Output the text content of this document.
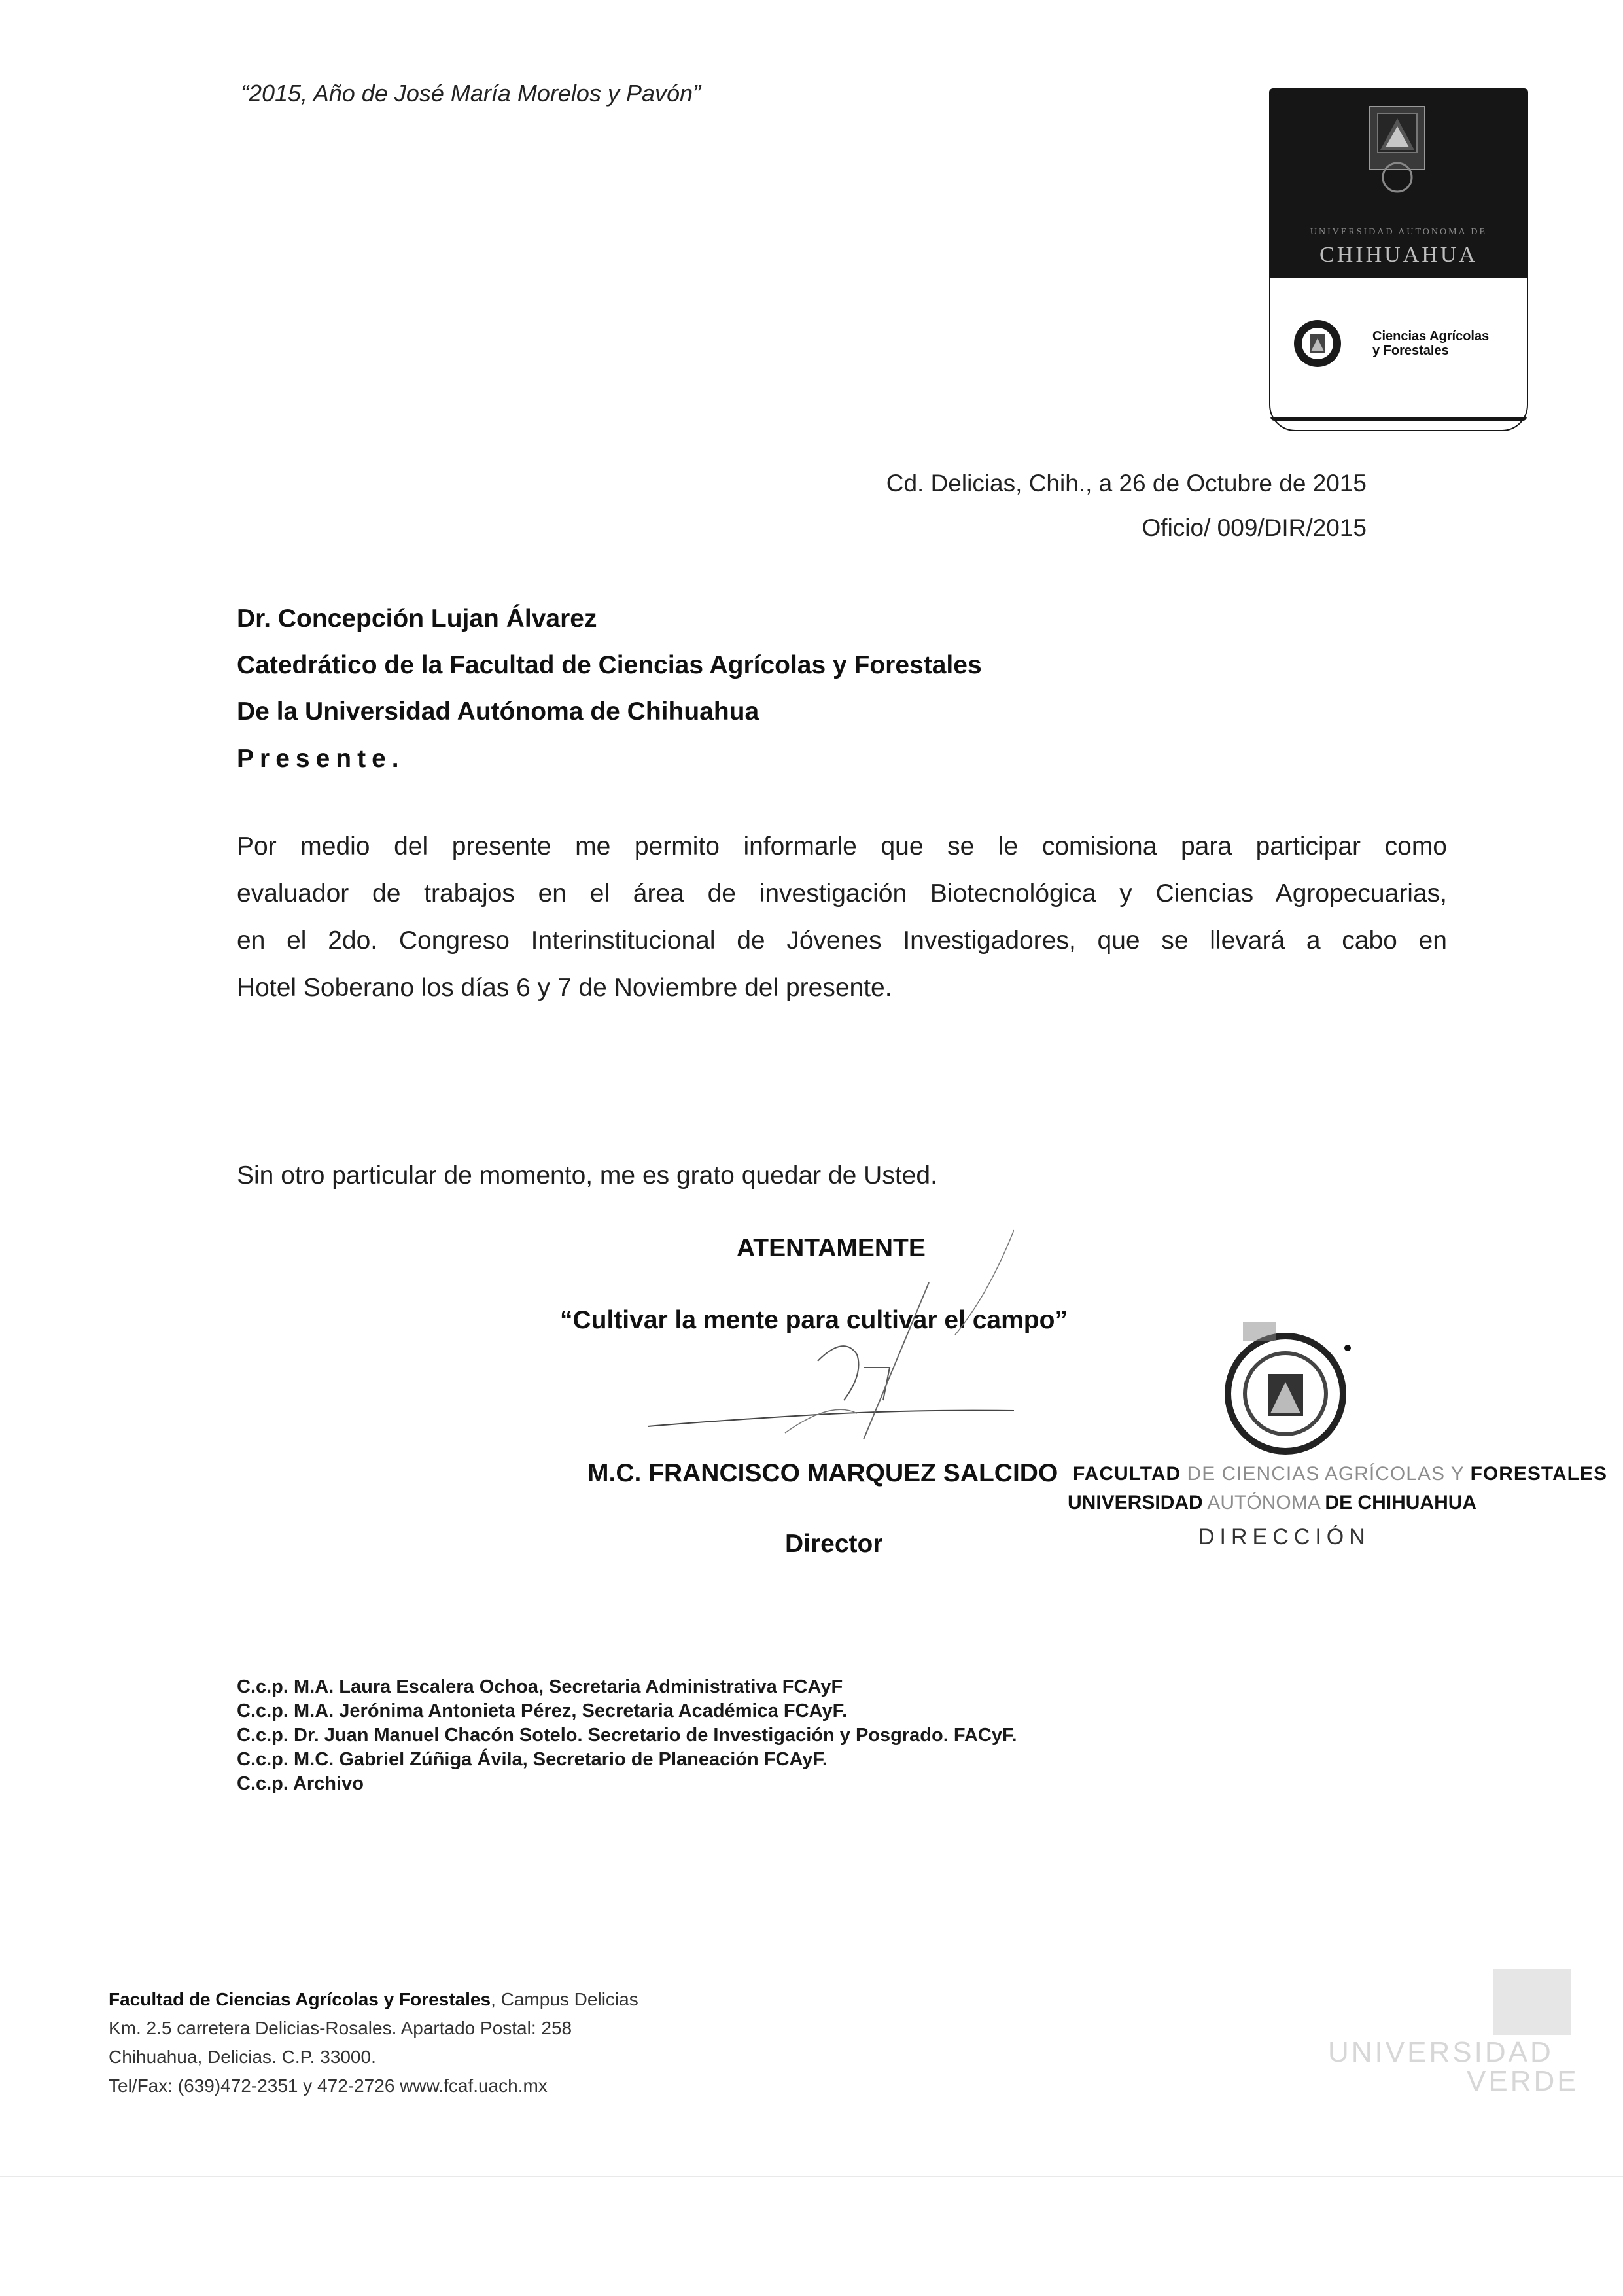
“2015, Año de José María Morelos y Pavón”
UNIVERSIDAD AUTONOMA DE
CHIHUAHUA
Ciencias Agrícolas
y Forestales
Cd. Delicias, Chih., a 26 de Octubre de 2015
Oficio/ 009/DIR/2015
Dr. Concepción Lujan Álvarez
Catedrático de la Facultad de Ciencias Agrícolas y Forestales
De la Universidad Autónoma de Chihuahua
Presente.
Por medio del presente me permito informarle que se le comisiona para participar como
evaluador de trabajos en el área de investigación Biotecnológica y Ciencias Agropecuarias,
en el 2do. Congreso Interinstitucional de Jóvenes Investigadores, que se llevará a cabo en
Hotel Soberano los días 6 y 7 de Noviembre del presente.
Sin otro particular de momento, me es grato quedar de Usted.
ATENTAMENTE
“Cultivar la mente para cultivar el campo”
M.C. FRANCISCO MARQUEZ SALCIDO
Director
FACULTAD DE CIENCIAS AGRÍCOLAS Y FORESTALES
UNIVERSIDAD AUTÓNOMA DE CHIHUAHUA
DIRECCIÓN
C.c.p. M.A. Laura Escalera Ochoa, Secretaria Administrativa FCAyF
C.c.p. M.A. Jerónima Antonieta Pérez, Secretaria Académica FCAyF.
C.c.p. Dr. Juan Manuel Chacón Sotelo. Secretario de Investigación y Posgrado. FACyF.
C.c.p. M.C. Gabriel Zúñiga Ávila, Secretario de Planeación FCAyF.
C.c.p. Archivo
Facultad de Ciencias Agrícolas y Forestales, Campus Delicias
Km. 2.5 carretera Delicias-Rosales. Apartado Postal: 258
Chihuahua, Delicias. C.P. 33000.
Tel/Fax: (639)472-2351 y 472-2726 www.fcaf.uach.mx
UNIVERSIDAD
VERDE
